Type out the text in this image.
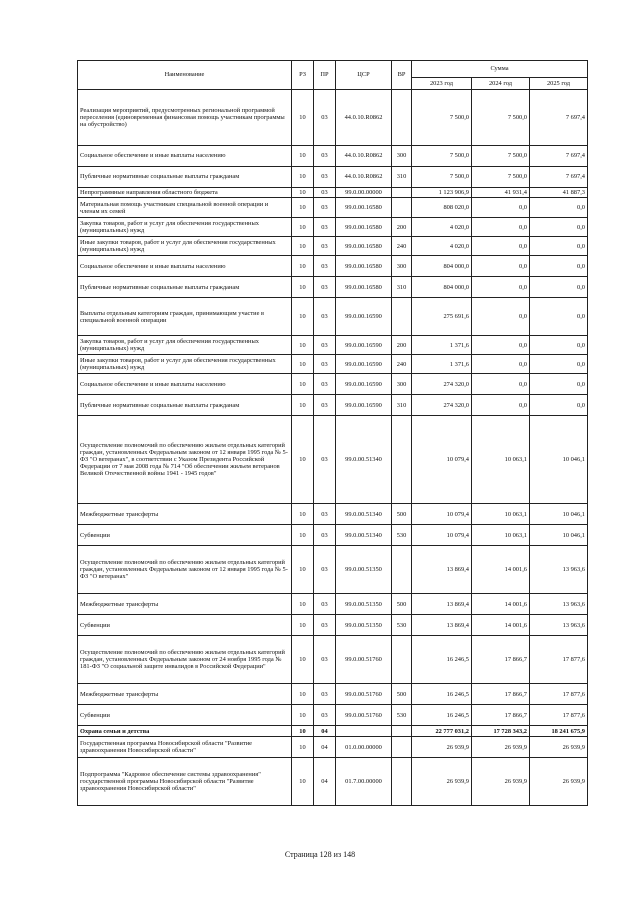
Наименование	РЗ	ПР	ЦСР	ВР	Сумма		
					2023 год	2024 год	2025 год
Реализация мероприятий, предусмотренных региональной программой переселения (единовременная финансовая помощь участникам программы на обустройство)	10	03	44.0.10.R0862		7 500,0	7 500,0	7 697,4
Социальное обеспечение и иные выплаты населению	10	03	44.0.10.R0862	300	7 500,0	7 500,0	7 697,4
Публичные нормативные социальные выплаты гражданам	10	03	44.0.10.R0862	310	7 500,0	7 500,0	7 697,4
Непрограммные направления областного бюджета	10	03	99.0.00.00000		1 123 906,9	41 931,4	41 887,3
Материальная помощь участникам специальной военной операции и членам их семей	10	03	99.0.00.16580		808 020,0	0,0	0,0
Закупка товаров, работ и услуг для обеспечения государственных (муниципальных) нужд	10	03	99.0.00.16580	200	4 020,0	0,0	0,0
Иные закупки товаров, работ и услуг для обеспечения государственных (муниципальных) нужд	10	03	99.0.00.16580	240	4 020,0	0,0	0,0
Социальное обеспечение и иные выплаты населению	10	03	99.0.00.16580	300	804 000,0	0,0	0,0
Публичные нормативные социальные выплаты гражданам	10	03	99.0.00.16580	310	804 000,0	0,0	0,0
Выплаты отдельным категориям граждан, принимающим участие в специальной военной операции	10	03	99.0.00.16590		275 691,6	0,0	0,0
Закупка товаров, работ и услуг для обеспечения государственных (муниципальных) нужд	10	03	99.0.00.16590	200	1 371,6	0,0	0,0
Иные закупки товаров, работ и услуг для обеспечения государственных (муниципальных) нужд	10	03	99.0.00.16590	240	1 371,6	0,0	0,0
Социальное обеспечение и иные выплаты населению	10	03	99.0.00.16590	300	274 320,0	0,0	0,0
Публичные нормативные социальные выплаты гражданам	10	03	99.0.00.16590	310	274 320,0	0,0	0,0
Осуществление полномочий по обеспечению жильем отдельных категорий граждан, установленных Федеральным законом от 12 января 1995 года № 5-ФЗ "О ветеранах", в соответствии с Указом Президента Российской Федерации от 7 мая 2008 года № 714 "Об обеспечении жильем ветеранов Великой Отечественной войны 1941 - 1945 годов"	10	03	99.0.00.51340		10 079,4	10 063,1	10 046,1
Межбюджетные трансферты	10	03	99.0.00.51340	500	10 079,4	10 063,1	10 046,1
Субвенции	10	03	99.0.00.51340	530	10 079,4	10 063,1	10 046,1
Осуществление полномочий по обеспечению жильем отдельных категорий граждан, установленных Федеральным законом от 12 января 1995 года № 5-ФЗ "О ветеранах"	10	03	99.0.00.51350		13 869,4	14 001,6	13 963,6
Межбюджетные трансферты	10	03	99.0.00.51350	500	13 869,4	14 001,6	13 963,6
Субвенции	10	03	99.0.00.51350	530	13 869,4	14 001,6	13 963,6
Осуществление полномочий по обеспечению жильем отдельных категорий граждан, установленных Федеральным законом от 24 ноября 1995 года № 181-ФЗ "О социальной защите инвалидов в Российской Федерации"	10	03	99.0.00.51760		16 246,5	17 866,7	17 877,6
Межбюджетные трансферты	10	03	99.0.00.51760	500	16 246,5	17 866,7	17 877,6
Субвенции	10	03	99.0.00.51760	530	16 246,5	17 866,7	17 877,6
Охрана семьи и детства	10	04			22 777 031,2	17 728 343,2	18 241 675,9
Государственная программа Новосибирской области "Развитие здравоохранения Новосибирской области"	10	04	01.0.00.00000		26 939,9	26 939,9	26 939,9
Подпрограмма "Кадровое обеспечение системы здравоохранения" государственной программы Новосибирской области "Развитие здравоохранения Новосибирской области"	10	04	01.7.00.00000		26 939,9	26 939,9	26 939,9
Страница 128 из 148
